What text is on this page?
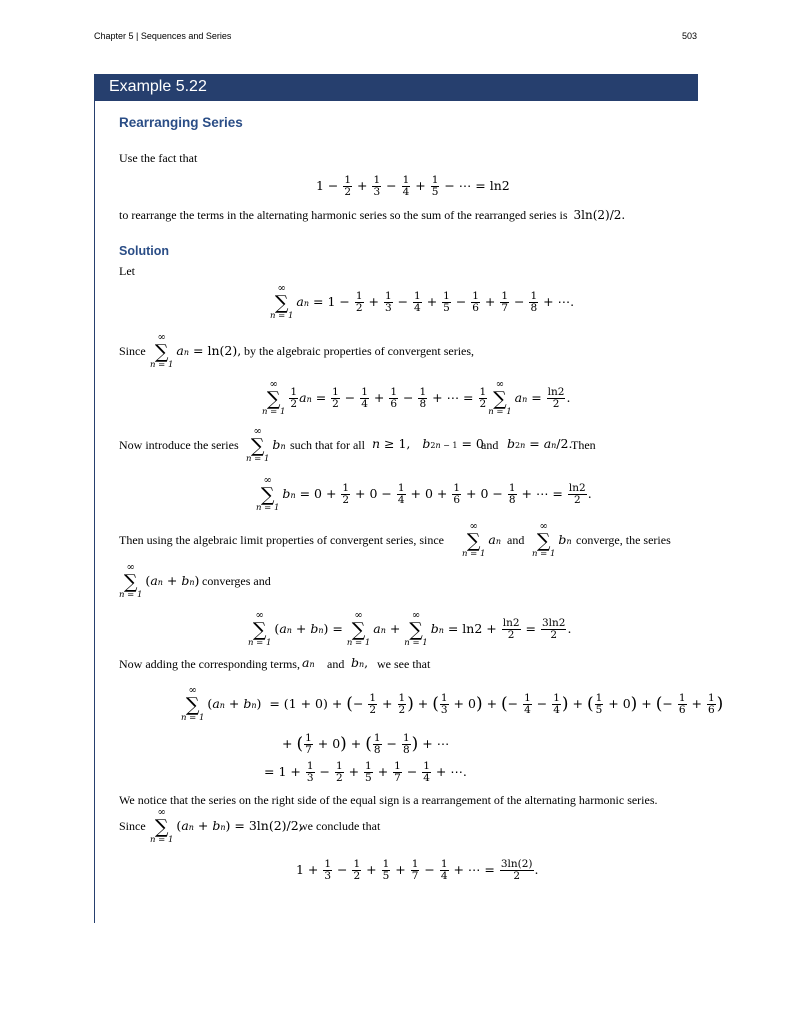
Chapter 5 | Sequences and Series	503
Example 5.22
Rearranging Series
Use the fact that
$1 - \frac{1}{2} + \frac{1}{3} - \frac{1}{4} + \frac{1}{5}$ − ⋯ = ln2
to rearrange the terms in the alternating harmonic series so the sum of the rearranged series is 3ln(2)/2.
Solution
Let
∞
∑
n = 1
an = $1 - \frac{1}{2} + \frac{1}{3} - \frac{1}{4} + \frac{1}{5} - \frac{1}{6} + \frac{1}{7} - \frac{1}{8}$ + ⋯.
Since
∞
∑
n = 1
an = ln(2), by the algebraic properties of convergent series,
∞
∑
n = 1
$\frac{1}{2}$ an = $\frac{1}{2} - \frac{1}{4} + \frac{1}{6} - \frac{1}{8}$ + ⋯ = $\frac{1}{2}$
∞
∑
n = 1
an = $\frac{\ln 2}{2}$ .
Now introduce the series
∞
∑
n = 1
bn such that for all n ≥ 1,   b2n − 1 = 0
and b2n = an/2.
Then
∞
∑
n = 1
bn = $0 + \frac{1}{2} + 0 - \frac{1}{4} + 0 + \frac{1}{6} + 0 - \frac{1}{8}$ + ⋯ = $\frac{\ln 2}{2}$ .
Then using the algebraic limit properties of convergent series, since
∞
∑
n = 1
an and
∞
∑
n = 1
bn converge, the series
∞
∑
n = 1
(an + bn) converges and
∞
∑
n = 1
(an + bn) =
∞
∑
n = 1
an +
∞
∑
n = 1
bn = $\ln 2 + \frac{\ln 2}{2} = \frac{3\ln 2}{2}$ .
Now adding the corresponding terms, an and bn, we see that
∞
∑
n = 1
(an + bn)  = (1 + 0) + (− $\frac{1}{2} + \frac{1}{2}$ ) + ( $\frac{1}{3} + 0$) + (− $\frac{1}{4} - \frac{1}{4}$ ) + ( $\frac{1}{5} + 0$) + (− $\frac{1}{6} + \frac{1}{6}$ )
+ ( $\frac{1}{7} + 0$) + ( $\frac{1}{8} - \frac{1}{8}$ ) + ⋯
= $1 + \frac{1}{3} - \frac{1}{2} + \frac{1}{5} + \frac{1}{7} - \frac{1}{4}$ + ⋯.
We notice that the series on the right side of the equal sign is a rearrangement of the alternating harmonic series.
Since
∞
∑
n = 1
(an + bn) = 3ln(2)/2,
we conclude that
$1 + \frac{1}{3} - \frac{1}{2} + \frac{1}{5} + \frac{1}{7} - \frac{1}{4}$ + ⋯ = $\frac{3\ln(2)}{2}$ .
